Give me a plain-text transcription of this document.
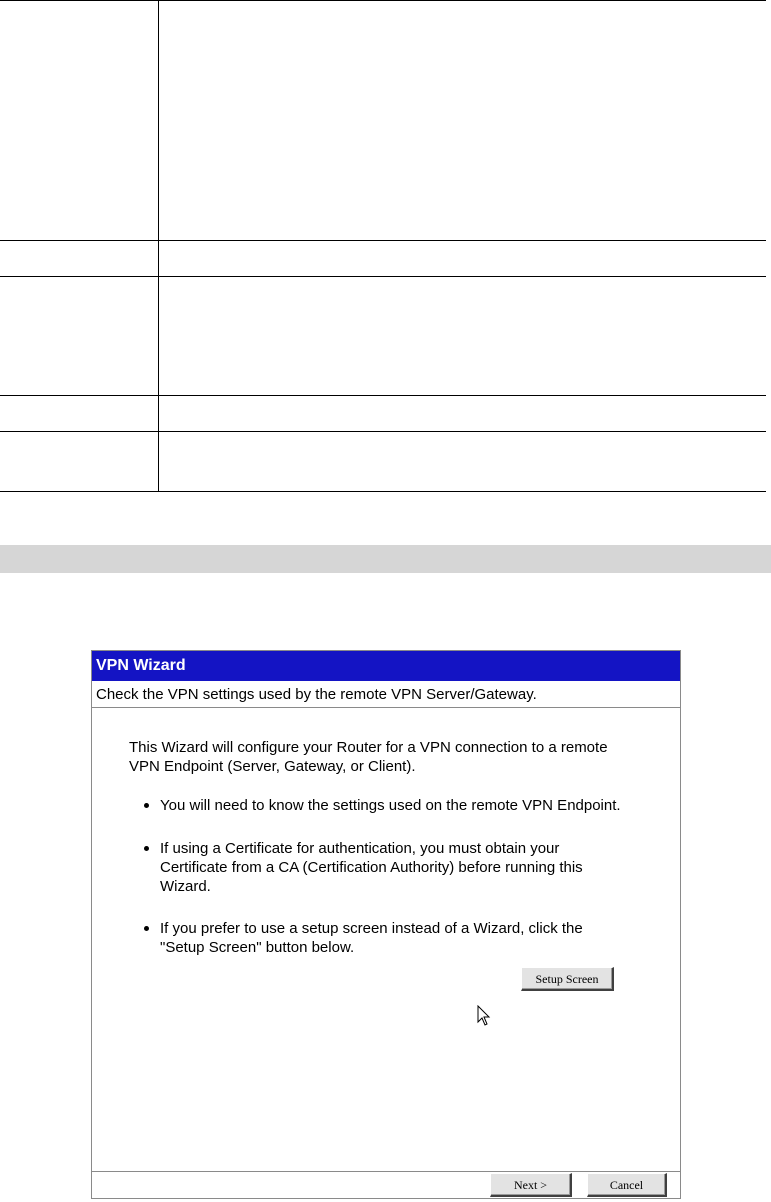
VPN Wizard
Check the VPN settings used by the remote VPN Server/Gateway.
This Wizard will configure your Router for a VPN connection to a remote VPN Endpoint (Server, Gateway, or Client).
You will need to know the settings used on the remote VPN Endpoint.
If using a Certificate for authentication, you must obtain your Certificate from a CA (Certification Authority) before running this Wizard.
If you prefer to use a setup screen instead of a Wizard, click the "Setup Screen" button below.
Setup Screen
Next >	Cancel
